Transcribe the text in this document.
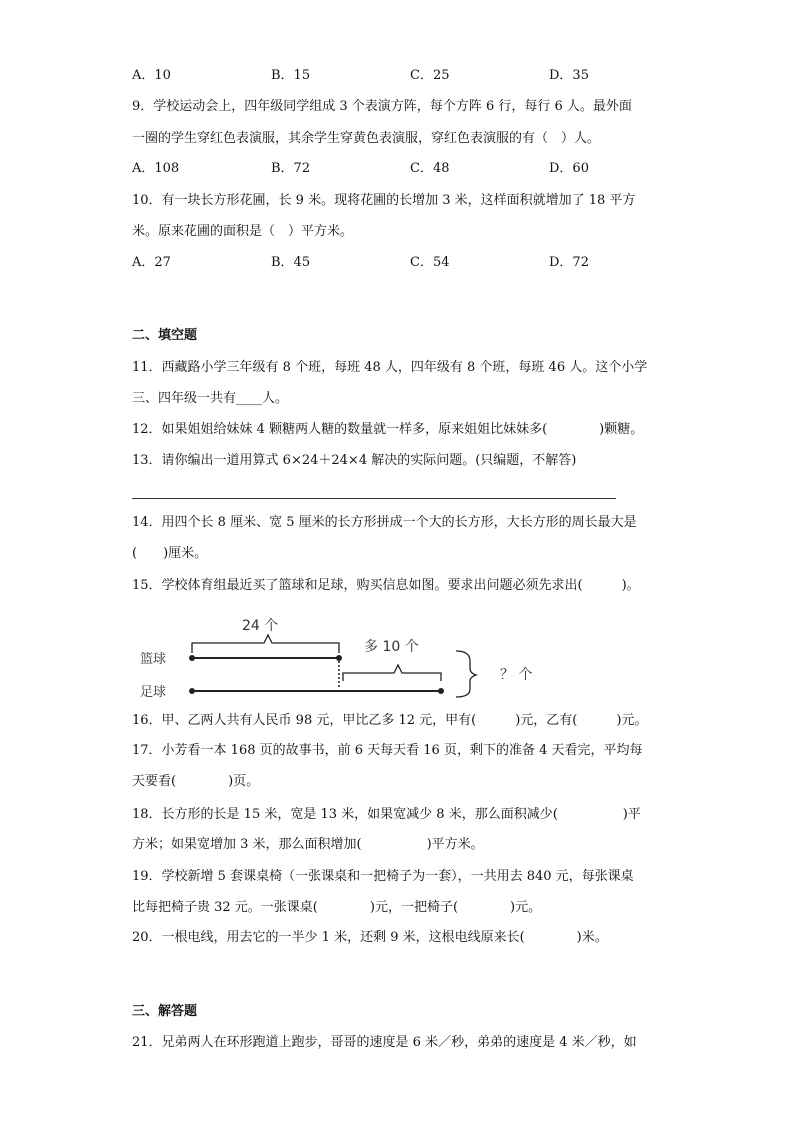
A．10	B．15	C．25	D．35
9．学校运动会上，四年级同学组成 3 个表演方阵，每个方阵 6 行，每行 6 人。最外面
一圈的学生穿红色表演服，其余学生穿黄色表演服，穿红色表演服的有（　）人。
A．108	B．72	C．48	D．60
10．有一块长方形花圃，长 9 米。现将花圃的长增加 3 米，这样面积就增加了 18 平方
米。原来花圃的面积是（　）平方米。
A．27	B．45	C．54	D．72
二、填空题
11．西藏路小学三年级有 8 个班，每班 48 人，四年级有 8 个班，每班 46 人。这个小学
三、四年级一共有____人。
12．如果姐姐给妹妹 4 颗糖两人糖的数量就一样多，原来姐姐比妹妹多(　　　　)颗糖。
13．请你编出一道用算式 6×24＋24×4 解决的实际问题。(只编题，不解答)
14．用四个长 8 厘米、宽 5 厘米的长方形拼成一个大的长方形，大长方形的周长最大是
(　　)厘米。
15．学校体育组最近买了篮球和足球，购买信息如图。要求出问题必须先求出(　　　)。
篮球
足球
24 个
多 10 个
？ 个
16．甲、乙两人共有人民币 98 元，甲比乙多 12 元，甲有(　　　)元，乙有(　　　)元。
17．小芳看一本 168 页的故事书，前 6 天每天看 16 页，剩下的准备 4 天看完，平均每
天要看(　　　　)页。
18．长方形的长是 15 米，宽是 13 米，如果宽减少 8 米，那么面积减少(　　　　　)平
方米；如果宽增加 3 米，那么面积增加(　　　　　)平方米。
19．学校新增 5 套课桌椅（一张课桌和一把椅子为一套），一共用去 840 元，每张课桌
比每把椅子贵 32 元。一张课桌(　　　　)元，一把椅子(　　　　)元。
20．一根电线，用去它的一半少 1 米，还剩 9 米，这根电线原来长(　　　　)米。
三、解答题
21．兄弟两人在环形跑道上跑步，哥哥的速度是 6 米／秒，弟弟的速度是 4 米／秒，如
